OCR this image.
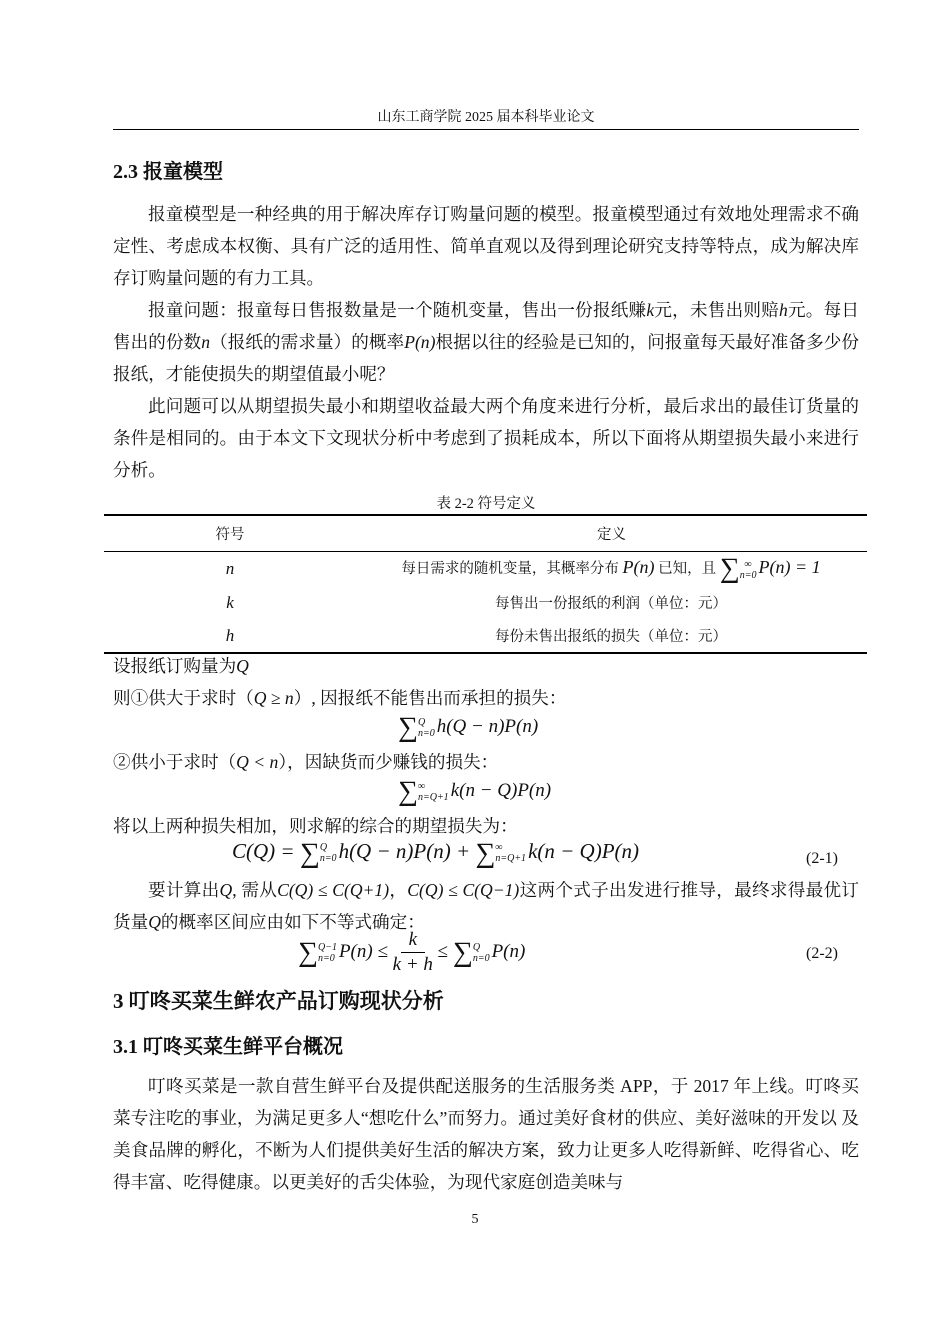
山东工商学院 2025 届本科毕业论文
2.3 报童模型
报童模型是一种经典的用于解决库存订购量问题的模型。报童模型通过有效地处理需求不确定性、考虑成本权衡、具有广泛的适用性、简单直观以及得到理论研究支持等特点，成为解决库存订购量问题的有力工具。
报童问题：报童每日售报数量是一个随机变量，售出一份报纸赚k元，未售出则赔h元。每日售出的份数n（报纸的需求量）的概率P(n)根据以往的经验是已知的，问报童每天最好准备多少份报纸，才能使损失的期望值最小呢？
此问题可以从期望损失最小和期望收益最大两个角度来进行分析，最后求出的最佳订货量的条件是相同的。由于本文下文现状分析中考虑到了损耗成本，所以下面将从期望损失最小来进行分析。
表 2-2 符号定义
符号	定义
n	每日需求的随机变量，其概率分布 P(n) 已知，且 ∑ ∞
n=0 P(n) = 1
k	每售出一份报纸的利润（单位：元）
h	每份未售出报纸的损失（单位：元）
设报纸订购量为Q
则①供大于求时（Q ≥ n）, 因报纸不能售出而承担的损失：
∑ Q
n=0 h(Q − n)P(n)
②供小于求时（Q < n），因缺货而少赚钱的损失：
∑ ∞
n=Q+1 k(n − Q)P(n)
将以上两种损失相加，则求解的综合的期望损失为：
C(Q) = ∑ Q
n=0 h(Q − n)P(n) + ∑ ∞
n=Q+1 k(n − Q)P(n)	(2-1)
要计算出Q, 需从C(Q) ≤ C(Q+1)，C(Q) ≤ C(Q−1)这两个式子出发进行推导，最终求得最优订货量Q的概率区间应由如下不等式确定：
∑ Q−1
n=0 $P(n) \le \frac{k}{k + h}$ ≤ ∑ Q
n=0 P(n)	(2-2)
3 叮咚买菜生鲜农产品订购现状分析
3.1 叮咚买菜生鲜平台概况
叮咚买菜是一款自营生鲜平台及提供配送服务的生活服务类 APP，于 2017 年上线。叮咚买菜专注吃的事业，为满足更多人“想吃什么”而努力。通过美好食材的供应、美好滋味的开发以 及美食品牌的孵化，不断为人们提供美好生活的解决方案，致力让更多人吃得新鲜、吃得省心、吃得丰富、吃得健康。以更美好的舌尖体验，为现代家庭创造美味与
5
